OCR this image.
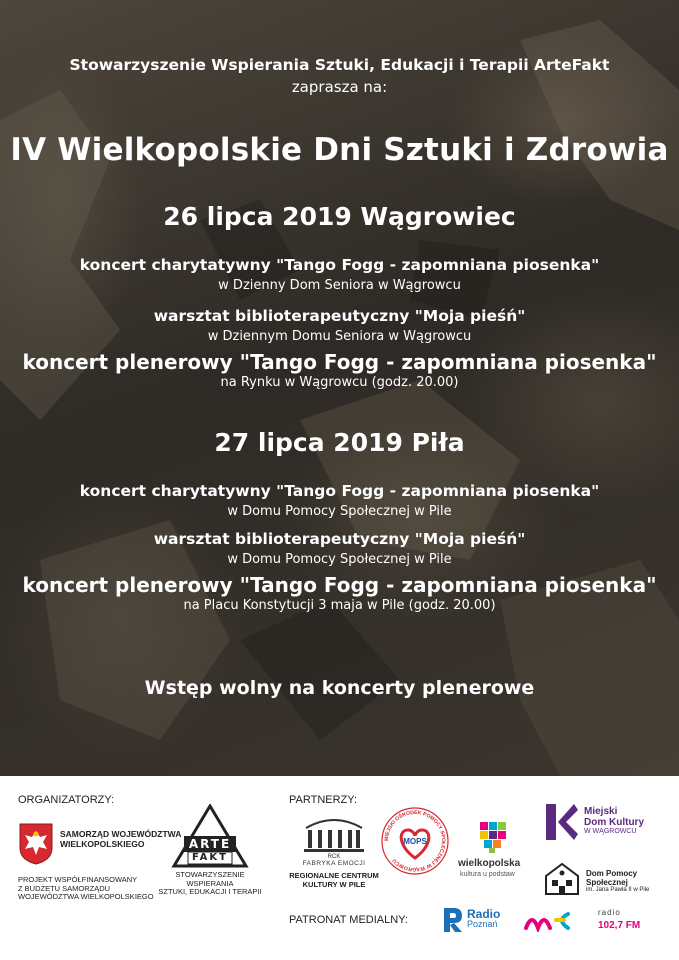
Stowarzyszenie Wspierania Sztuki, Edukacji i Terapii ArteFakt
zaprasza na:
IV Wielkopolskie Dni Sztuki i Zdrowia
26 lipca 2019 Wągrowiec
koncert charytatywny "Tango Fogg - zapomniana piosenka"
w Dzienny Dom Seniora w Wągrowcu
warsztat biblioterapeutyczny "Moja pieśń"
w Dziennym Domu Seniora w Wągrowcu
koncert plenerowy "Tango Fogg - zapomniana piosenka"
na Rynku w Wągrowcu (godz. 20.00)
27 lipca 2019 Piła
koncert charytatywny "Tango Fogg - zapomniana piosenka"
w Domu Pomocy Społecznej w Pile
warsztat biblioterapeutyczny "Moja pieśń"
w Domu Pomocy Społecznej w Pile
koncert plenerowy "Tango Fogg - zapomniana piosenka"
na Placu Konstytucji 3 maja w Pile (godz. 20.00)
Wstęp wolny na koncerty plenerowe
ORGANIZATORZY:	PARTNERZY:
PATRONAT MEDIALNY:
SAMORZĄD WOJEWÓDZTWA
WIELKOPOLSKIEGO
PROJEKT WSPÓŁFINANSOWANY
Z BUDŻETU SAMORZĄDU
WOJEWÓDZTWA WIELKOPOLSKIEGO
ARTE
FAKT
STOWARZYSZENIE
WSPIERANIA
SZTUKI, EDUKACJI I TERAPII
RCK
FABRYKA EMOCJI
REGIONALNE CENTRUM
KULTURY W PILE
MIEJSKI OŚRODEK POMOCY SPOŁECZNEJ W WĄGROWCU
MOPS
wielkopolska
kultura u podstaw
Miejski
Dom Kultury
W WĄGROWCU
Dom Pomocy Społecznej
im. Jana Pawła II w Pile
Radio
Poznań
radio
102,7 FM
